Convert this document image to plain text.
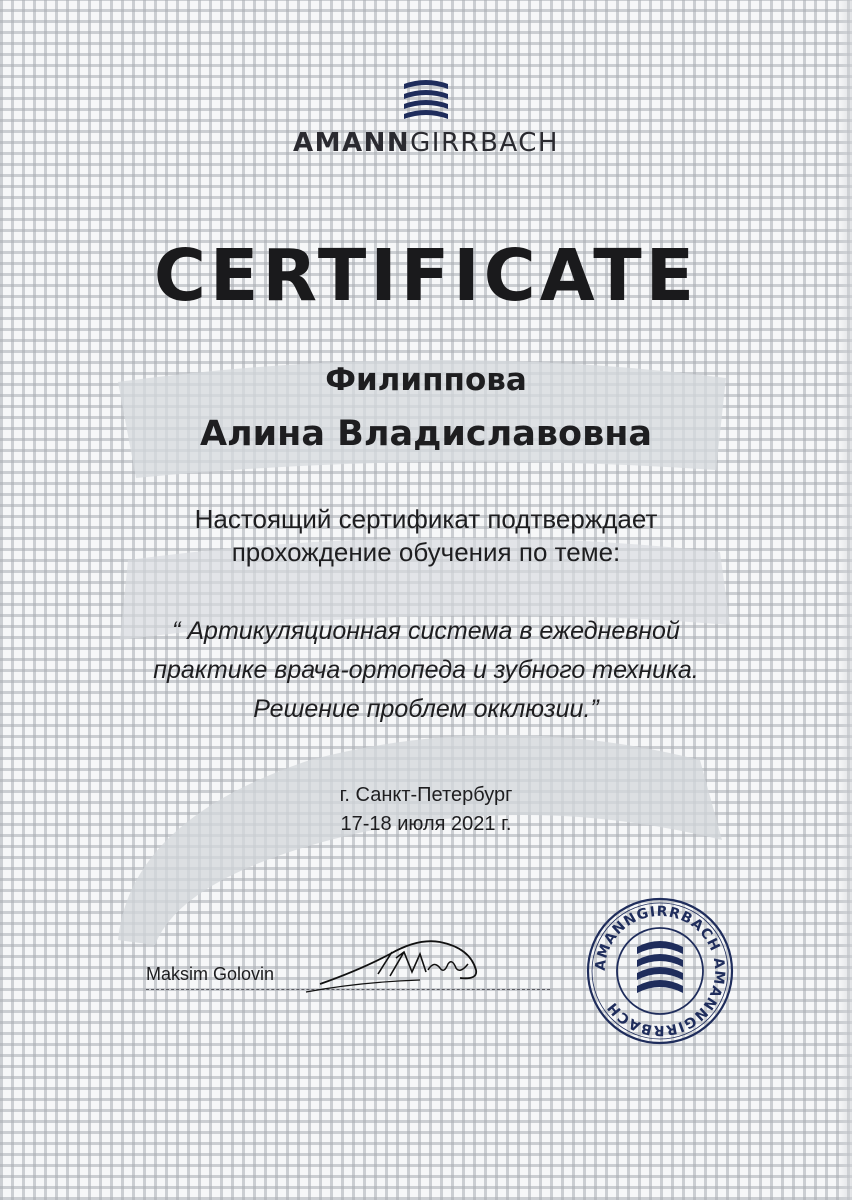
AMANNGIRRBACH
CERTIFICATE
Филиппова
Алина Владиславовна
Настоящий сертификат подтверждает
прохождение обучения по теме:
“ Артикуляционная система в ежедневной
практике врача-ортопеда и зубного техника.
Решение проблем окклюзии.”
г. Санкт-Петербург
17-18 июля 2021 г.
Maksim Golovin	AMANNGIRRBACH AMANNGIRRBACH
